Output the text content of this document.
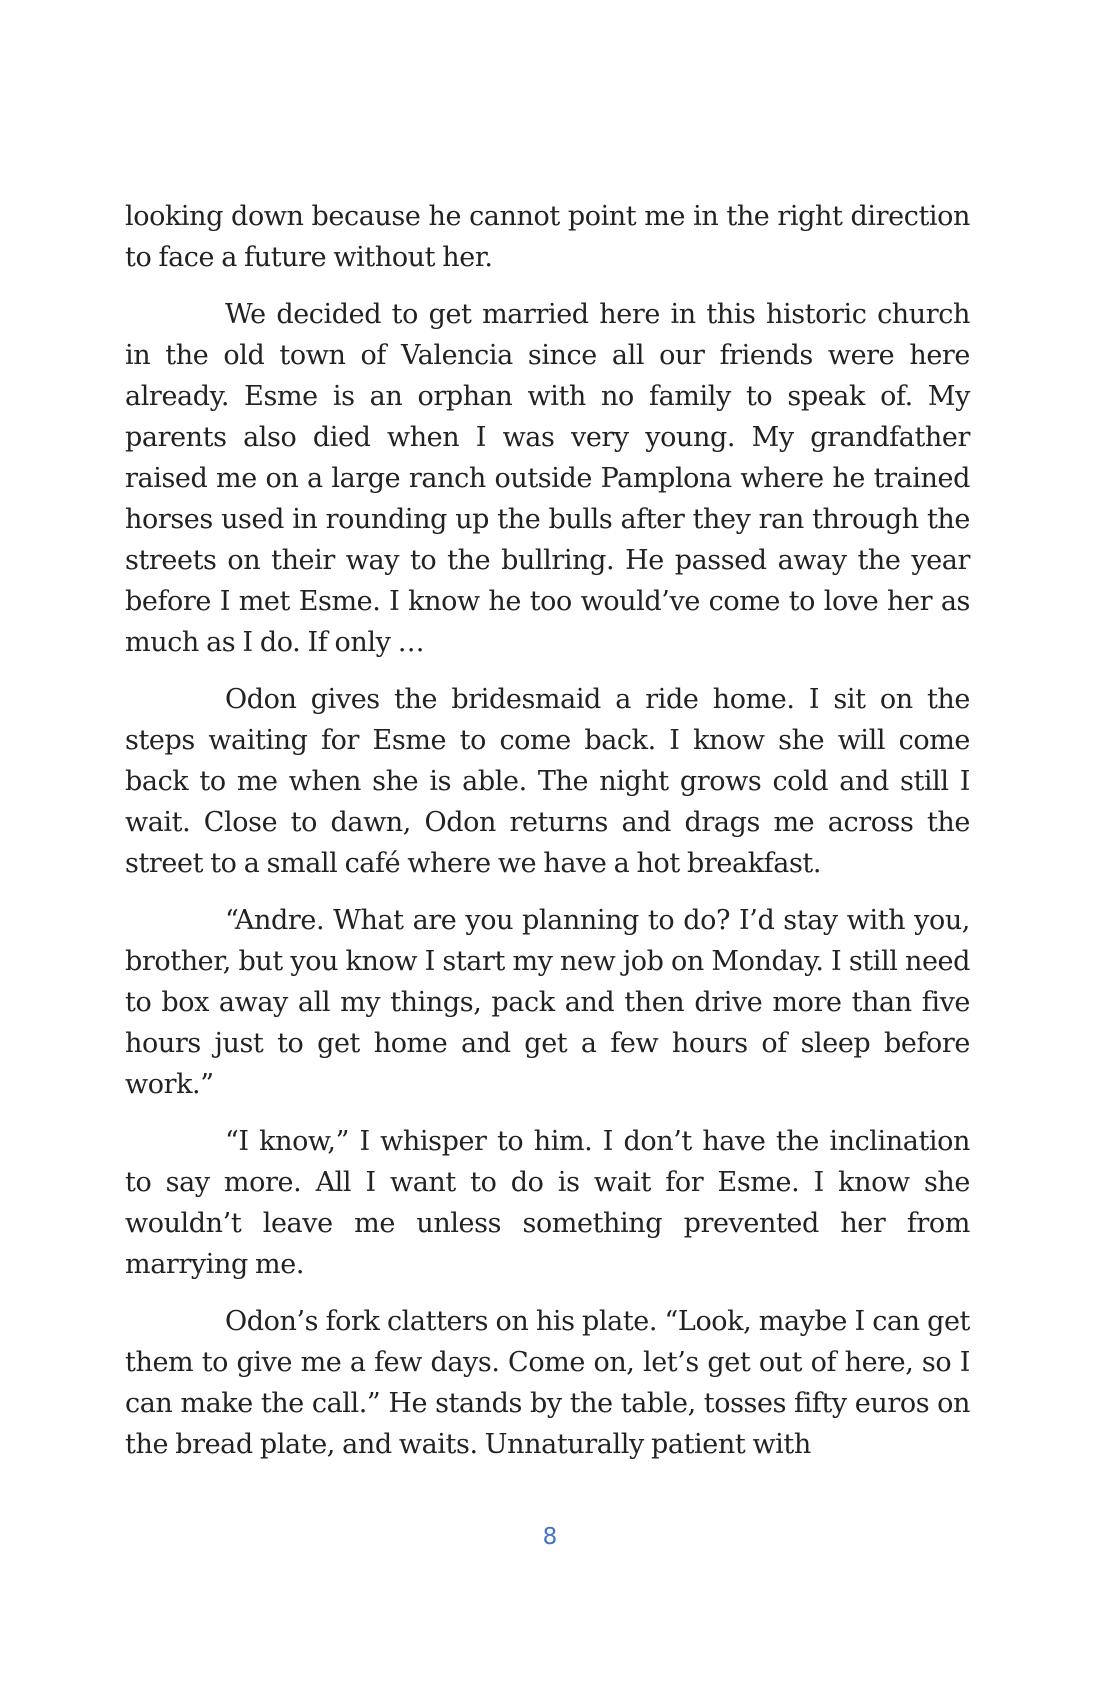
looking down because he cannot point me in the right direction to face a future without her.

We decided to get married here in this historic church in the old town of Valencia since all our friends were here already. Esme is an orphan with no family to speak of. My parents also died when I was very young. My grandfather raised me on a large ranch outside Pamplona where he trained horses used in rounding up the bulls after they ran through the streets on their way to the bullring. He passed away the year before I met Esme. I know he too would’ve come to love her as much as I do. If only …

Odon gives the bridesmaid a ride home. I sit on the steps waiting for Esme to come back. I know she will come back to me when she is able. The night grows cold and still I wait. Close to dawn, Odon returns and drags me across the street to a small café where we have a hot breakfast.

“Andre. What are you planning to do? I’d stay with you, brother, but you know I start my new job on Monday. I still need to box away all my things, pack and then drive more than five hours just to get home and get a few hours of sleep before work.”

“I know,” I whisper to him. I don’t have the inclination to say more. All I want to do is wait for Esme. I know she wouldn’t leave me unless something prevented her from marrying me.

Odon’s fork clatters on his plate. “Look, maybe I can get them to give me a few days. Come on, let’s get out of here, so I can make the call.” He stands by the table, tosses fifty euros on the bread plate, and waits. Unnaturally patient with

8
